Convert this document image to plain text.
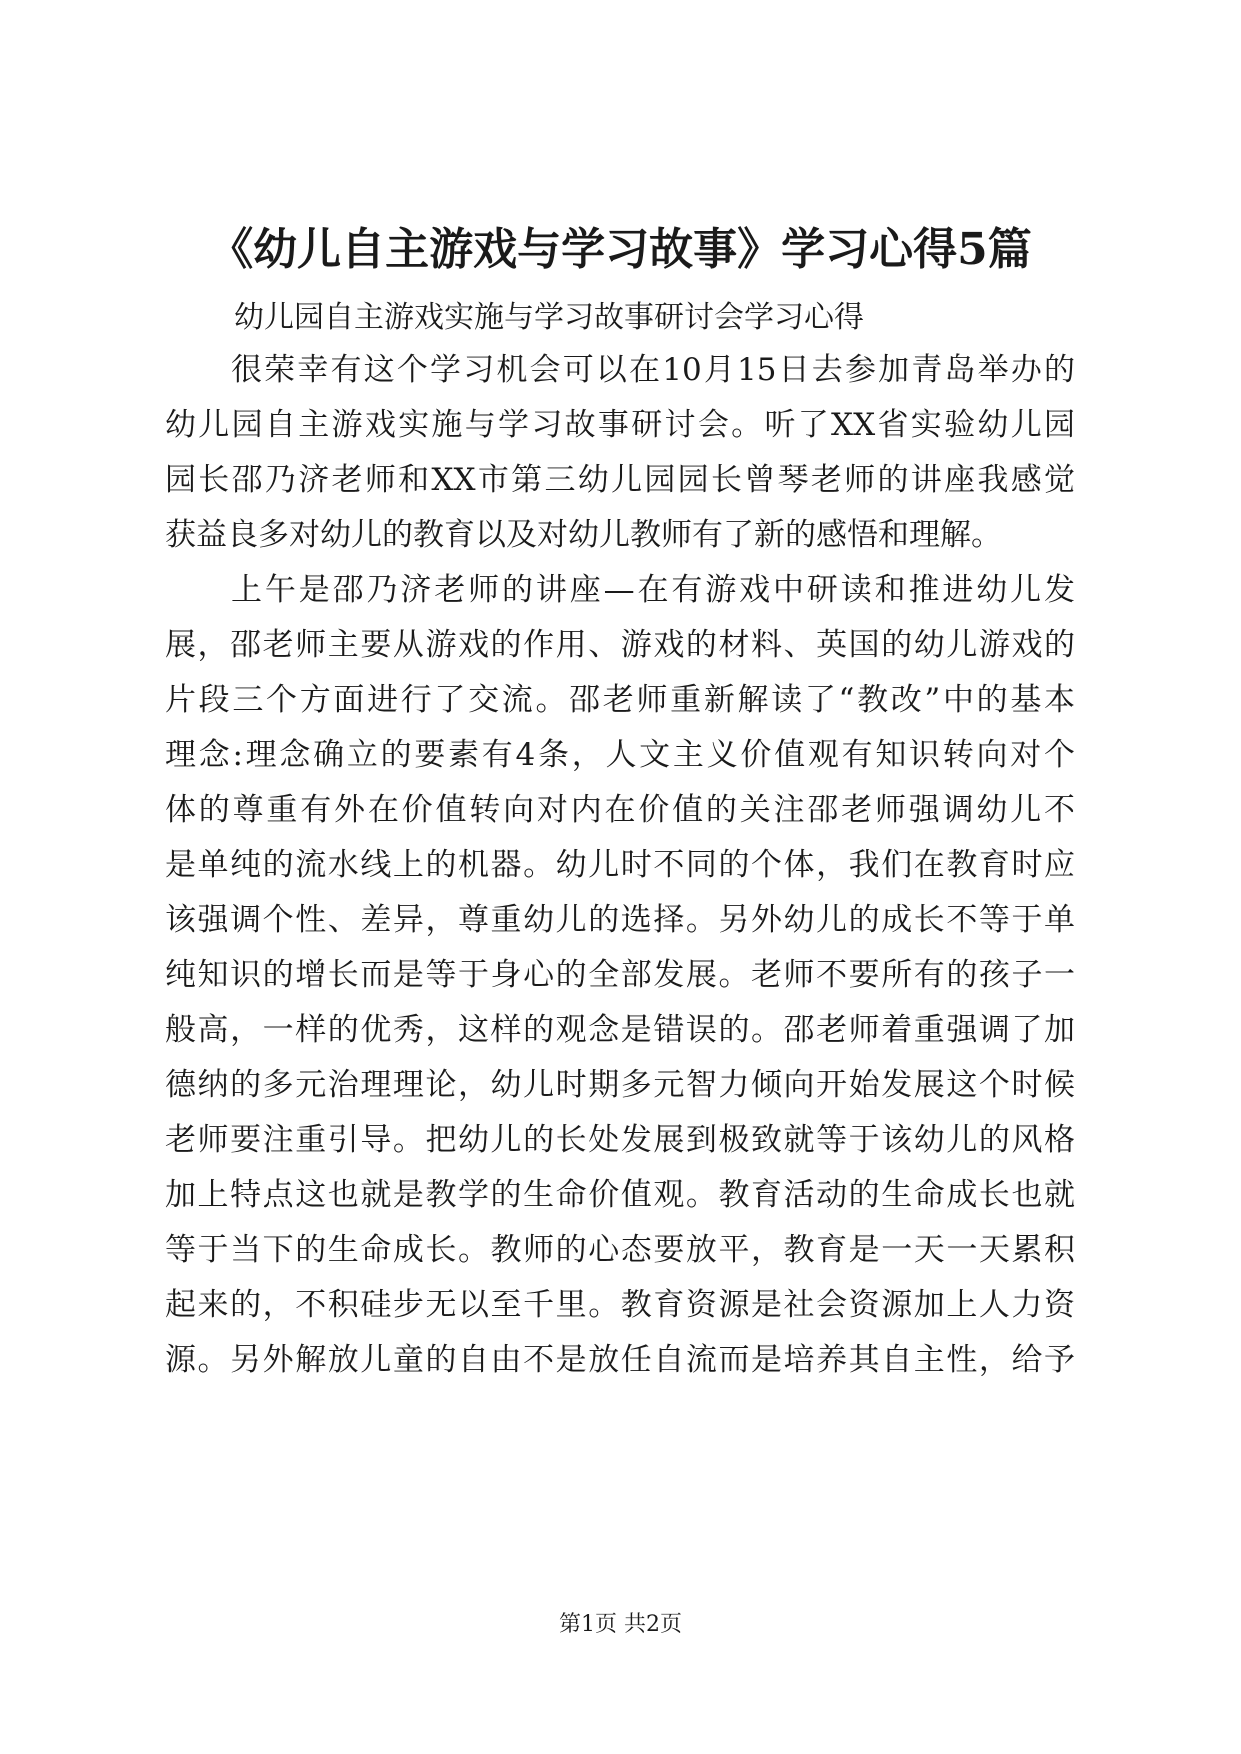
《幼儿自主游戏与学习故事》学习心得5篇
幼儿园自主游戏实施与学习故事研讨会学习心得
很荣幸有这个学习机会可以在10月15日去参加青岛举办的
幼儿园自主游戏实施与学习故事研讨会。听了XX省实验幼儿园
园长邵乃济老师和XX市第三幼儿园园长曾琴老师的讲座我感觉
获益良多对幼儿的教育以及对幼儿教师有了新的感悟和理解。
上午是邵乃济老师的讲座—在有游戏中研读和推进幼儿发
展，邵老师主要从游戏的作用、游戏的材料、英国的幼儿游戏的
片段三个方面进行了交流。邵老师重新解读了“教改”中的基本
理念:理念确立的要素有4条，人文主义价值观有知识转向对个
体的尊重有外在价值转向对内在价值的关注邵老师强调幼儿不
是单纯的流水线上的机器。幼儿时不同的个体，我们在教育时应
该强调个性、差异，尊重幼儿的选择。另外幼儿的成长不等于单
纯知识的增长而是等于身心的全部发展。老师不要所有的孩子一
般高，一样的优秀，这样的观念是错误的。邵老师着重强调了加
德纳的多元治理理论，幼儿时期多元智力倾向开始发展这个时候
老师要注重引导。把幼儿的长处发展到极致就等于该幼儿的风格
加上特点这也就是教学的生命价值观。教育活动的生命成长也就
等于当下的生命成长。教师的心态要放平，教育是一天一天累积
起来的，不积硅步无以至千里。教育资源是社会资源加上人力资
源。另外解放儿童的自由不是放任自流而是培养其自主性，给予
第1页 共2页
